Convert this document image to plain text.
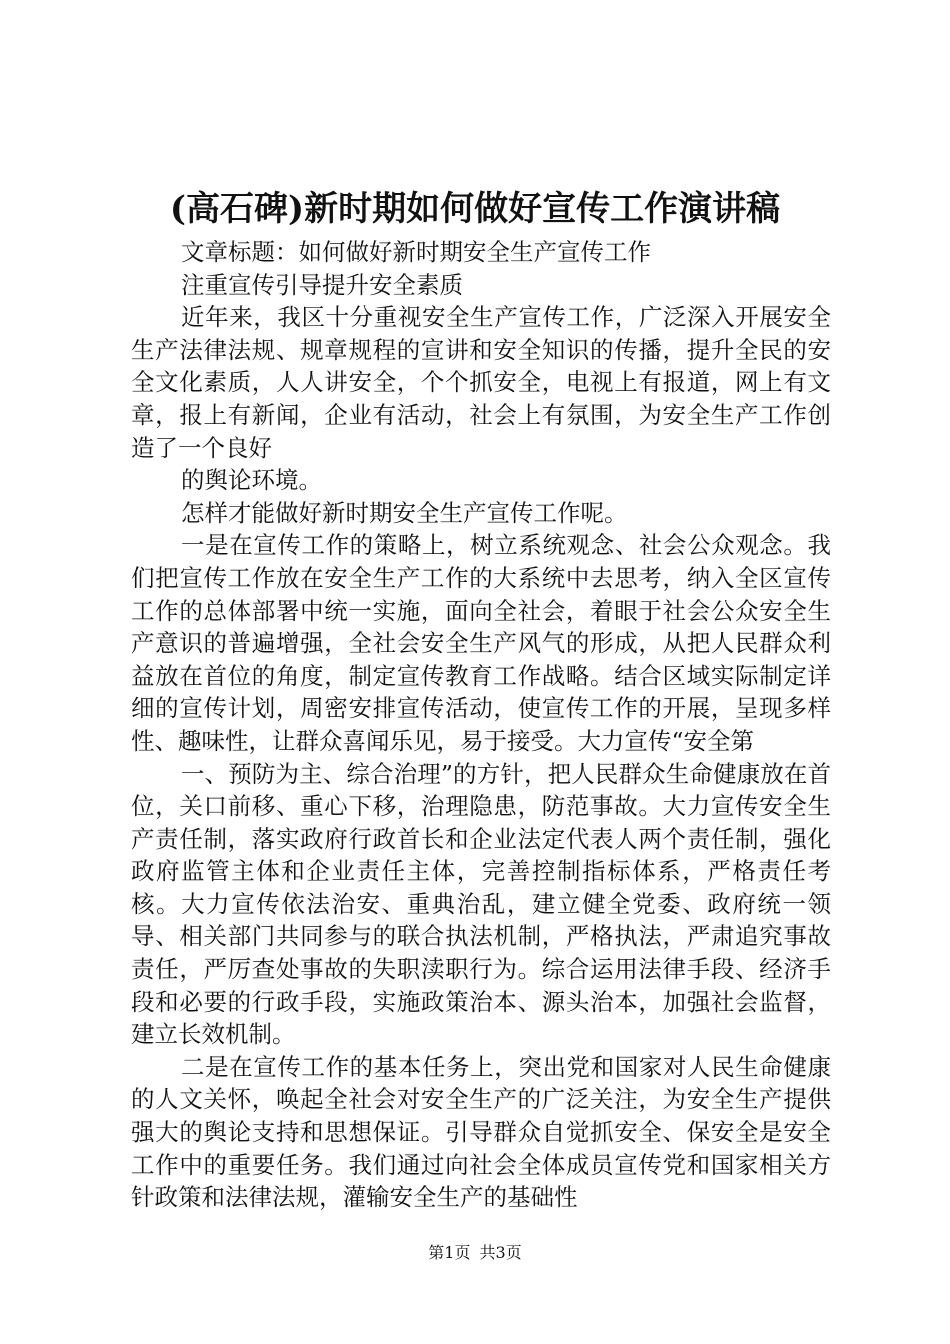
(高石碑)新时期如何做好宣传工作演讲稿

文章标题：如何做好新时期安全生产宣传工作

注重宣传引导提升安全素质

近年来，我区十分重视安全生产宣传工作，广泛深入开展安全生产法律法规、规章规程的宣讲和安全知识的传播，提升全民的安全文化素质，人人讲安全，个个抓安全，电视上有报道，网上有文章，报上有新闻，企业有活动，社会上有氛围，为安全生产工作创造了一个良好

的舆论环境。

怎样才能做好新时期安全生产宣传工作呢。

一是在宣传工作的策略上，树立系统观念、社会公众观念。我们把宣传工作放在安全生产工作的大系统中去思考，纳入全区宣传工作的总体部署中统一实施，面向全社会，着眼于社会公众安全生产意识的普遍增强，全社会安全生产风气的形成，从把人民群众利益放在首位的角度，制定宣传教育工作战略。结合区域实际制定详细的宣传计划，周密安排宣传活动，使宣传工作的开展，呈现多样性、趣味性，让群众喜闻乐见，易于接受。大力宣传“安全第

一、预防为主、综合治理”的方针，把人民群众生命健康放在首位，关口前移、重心下移，治理隐患，防范事故。大力宣传安全生产责任制，落实政府行政首长和企业法定代表人两个责任制，强化政府监管主体和企业责任主体，完善控制指标体系，严格责任考核。大力宣传依法治安、重典治乱，建立健全党委、政府统一领导、相关部门共同参与的联合执法机制，严格执法，严肃追究事故责任，严厉查处事故的失职渎职行为。综合运用法律手段、经济手段和必要的行政手段，实施政策治本、源头治本，加强社会监督，建立长效机制。

二是在宣传工作的基本任务上，突出党和国家对人民生命健康的人文关怀，唤起全社会对安全生产的广泛关注，为安全生产提供强大的舆论支持和思想保证。引导群众自觉抓安全、保安全是安全工作中的重要任务。我们通过向社会全体成员宣传党和国家相关方针政策和法律法规，灌输安全生产的基础性

第1页 共3页
